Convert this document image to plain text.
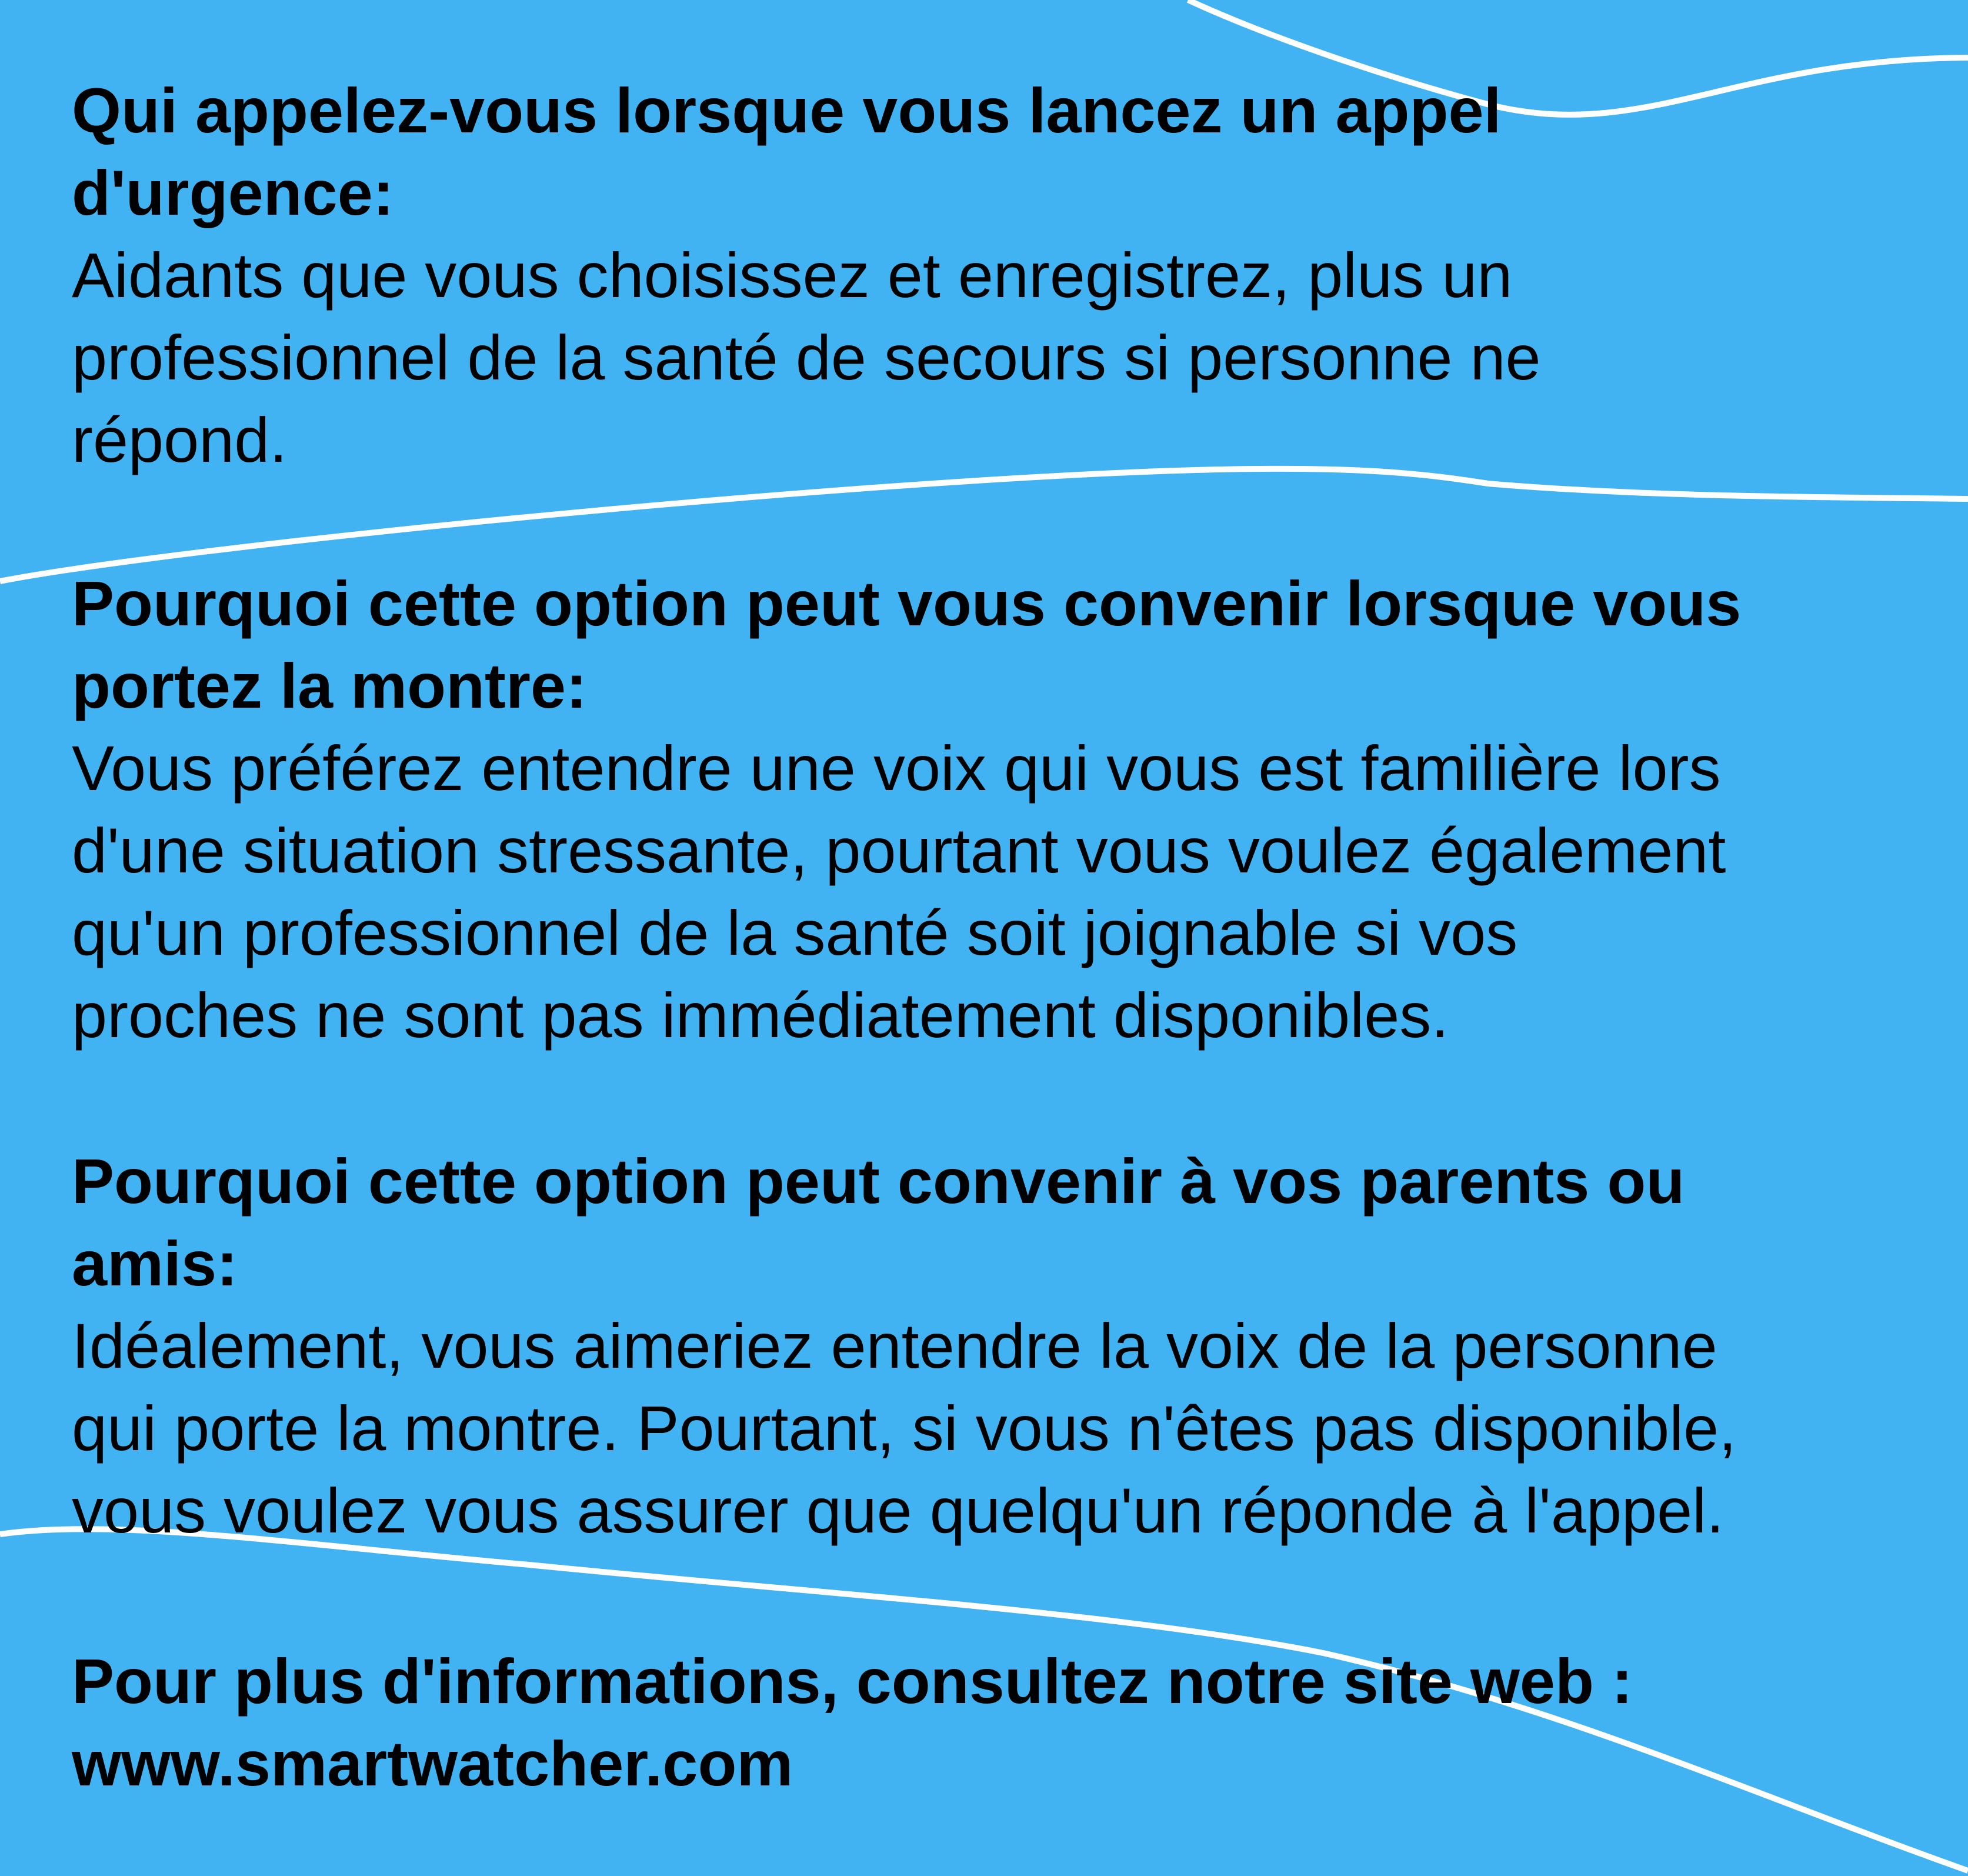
Qui appelez-vous lorsque vous lancez un appel
d'urgence:

Aidants que vous choisissez et enregistrez, plus un
professionnel de la santé de secours si personne ne
répond.

Pourquoi cette option peut vous convenir lorsque vous
portez la montre:

Vous préférez entendre une voix qui vous est familière lors
d'une situation stressante, pourtant vous voulez également
qu'un professionnel de la santé soit joignable si vos
proches ne sont pas immédiatement disponibles.

Pourquoi cette option peut convenir à vos parents ou
amis:

Idéalement, vous aimeriez entendre la voix de la personne
qui porte la montre. Pourtant, si vous n'êtes pas disponible,
vous voulez vous assurer que quelqu'un réponde à l'appel.

Pour plus d'informations, consultez notre site web :
www.smartwatcher.com
